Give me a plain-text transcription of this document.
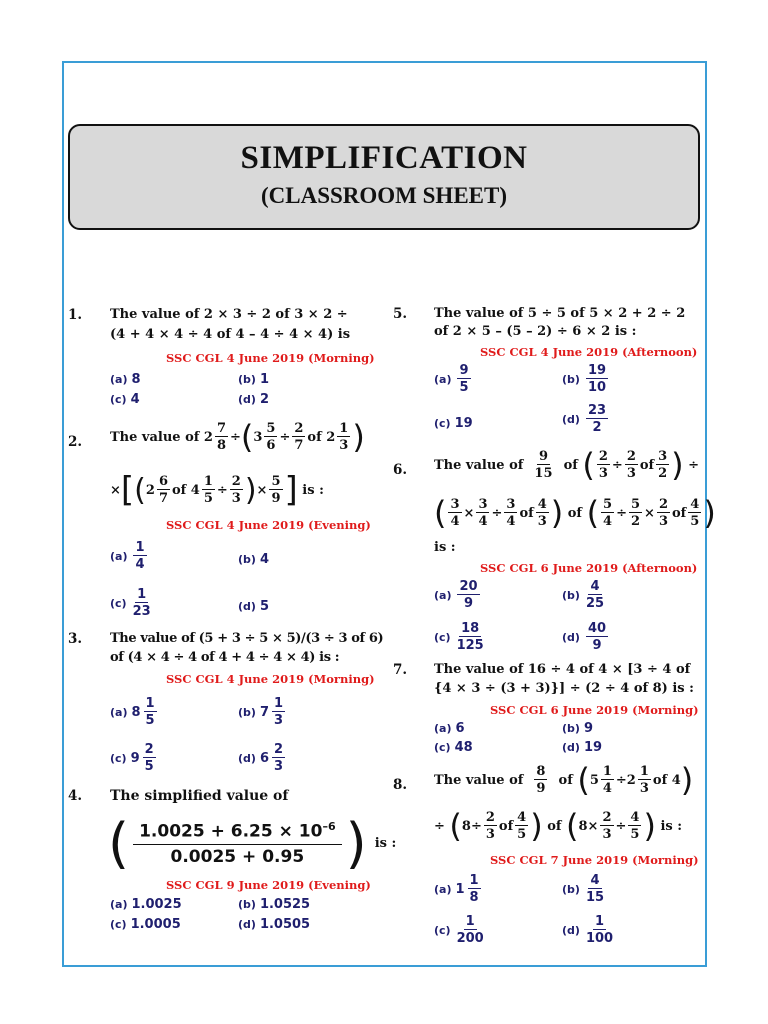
SIMPLIFICATION
(CLASSROOM SHEET)
1. The value of 2 × 3 ÷ 2 of 3 × 2 ÷
(4 + 4 × 4 ÷ 4 of 4 – 4 ÷ 4 × 4) is
SSC CGL 4 June 2019 (Morning)
(a) 8	(b) 1
(c) 4	(d) 2
2. The value of $2 \frac{7}{8}$ ÷ ( $3 \frac{5}{6} \div \frac{2}{7}$ of $2 \frac{1}{3}$ )
× [ ( $2 \frac{6}{7}$ of $4 \frac{1}{5} \div \frac{2}{3}$ ) × $\frac{5}{9}$ ]
is :
SSC CGL 4 June 2019 (Evening)
$(a) \frac{1}{4}$	(b) 4
$(c) \frac{1}{23}$	(d) 5
3. The value of (5 + 3 ÷ 5 × 5)/(3 ÷ 3 of 6)
of (4 × 4 ÷ 4 of 4 + 4 ÷ 4 × 4) is :
SSC CGL 4 June 2019 (Morning)
(a) $8 \frac{1}{5}$	(b) $7 \frac{1}{3}$
(c) $9 \frac{2}{5}$	(d) $6 \frac{2}{3}$
4. The simplified value of
( $\frac{1.0025 + 6.25 \times 10^{-6}}{0.0025 + 0.95}$ ) is :
SSC CGL 9 June 2019 (Evening)
(a) 1.0025	(b) 1.0525
(c) 1.0005	(d) 1.0505
5. The value of 5 ÷ 5 of 5 × 2 + 2 ÷ 2
of 2 × 5 – (5 – 2) ÷ 6 × 2 is :
SSC CGL 4 June 2019 (Afternoon)
$(a) \frac{9}{5}$	$(b) \frac{19}{10}$
(c) 19	$(d) \frac{23}{2}$
6. The value of
$\frac{9}{15}$
of
( $\frac{2}{3} \div \frac{2}{3}$ of $\frac{3}{2}$ ) ÷
( $\frac{3}{4} \times \frac{3}{4} \div \frac{3}{4}$ of $\frac{4}{3}$ ) of ( $\frac{5}{4} \div \frac{5}{2} \times \frac{2}{3}$ of $\frac{4}{5}$ )
is :
SSC CGL 6 June 2019 (Afternoon)
$(a) \frac{20}{9}$	$(b) \frac{4}{25}$
$(c) \frac{18}{125}$	$(d) \frac{40}{9}$
7. The value of 16 ÷ 4 of 4 × [3 ÷ 4 of
{4 × 3 ÷ (3 + 3)}] ÷ (2 ÷ 4 of 8) is :
SSC CGL 6 June 2019 (Morning)
(a) 6	(b) 9
(c) 48	(d) 19
8. The value of
$\frac{8}{9}$
of
( $5 \frac{1}{4} \div 2 \frac{1}{3}$ of 4 )
÷ ( $8\div \frac{2}{3}$ of $\frac{4}{5}$ ) of ( $8\times \frac{2}{3} \div \frac{4}{5}$ )
is :
SSC CGL 7 June 2019 (Morning)
(a) $1 \frac{1}{8}$	$(b) \frac{4}{15}$
$(c) \frac{1}{200}$	$(d) \frac{1}{100}$
